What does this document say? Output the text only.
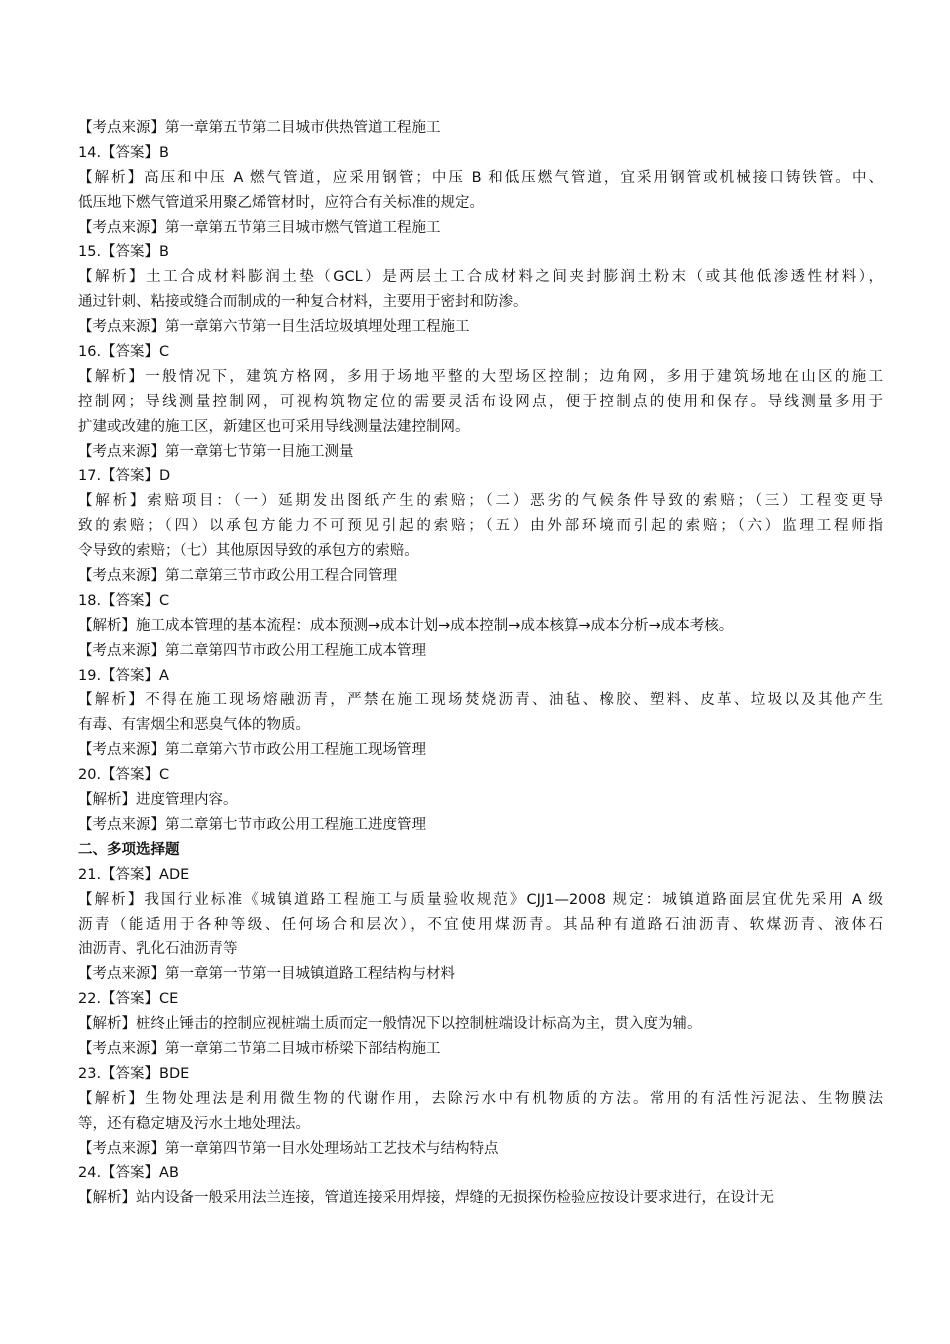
【考点来源】第一章第五节第二目城市供热管道工程施工
14.【答案】B
【解析】高压和中压 A 燃气管道，应采用钢管；中压 B 和低压燃气管道，宜采用钢管或机械接口铸铁管。中、
低压地下燃气管道采用聚乙烯管材时，应符合有关标准的规定。
【考点来源】第一章第五节第三目城市燃气管道工程施工
15.【答案】B
【解析】土工合成材料膨润土垫（GCL）是两层土工合成材料之间夹封膨润土粉末（或其他低渗透性材料），
通过针刺、粘接或缝合而制成的一种复合材料，主要用于密封和防渗。
【考点来源】第一章第六节第一目生活垃圾填埋处理工程施工
16.【答案】C
【解析】一般情况下，建筑方格网，多用于场地平整的大型场区控制；边角网，多用于建筑场地在山区的施工
控制网；导线测量控制网，可视构筑物定位的需要灵活布设网点，便于控制点的使用和保存。导线测量多用于
扩建或改建的施工区，新建区也可采用导线测量法建控制网。
【考点来源】第一章第七节第一目施工测量
17.【答案】D
【解析】索赔项目：（一）延期发出图纸产生的索赔；（二）恶劣的气候条件导致的索赔；（三）工程变更导
致的索赔；（四）以承包方能力不可预见引起的索赔；（五）由外部环境而引起的索赔；（六）监理工程师指
令导致的索赔；（七）其他原因导致的承包方的索赔。
【考点来源】第二章第三节市政公用工程合同管理
18.【答案】C
【解析】施工成本管理的基本流程：成本预测→成本计划→成本控制→成本核算→成本分析→成本考核。
【考点来源】第二章第四节市政公用工程施工成本管理
19.【答案】A
【解析】不得在施工现场熔融沥青，严禁在施工现场焚烧沥青、油毡、橡胶、塑料、皮革、垃圾以及其他产生
有毒、有害烟尘和恶臭气体的物质。
【考点来源】第二章第六节市政公用工程施工现场管理
20.【答案】C
【解析】进度管理内容。
【考点来源】第二章第七节市政公用工程施工进度管理
二、多项选择题
21.【答案】ADE
【解析】我国行业标准《城镇道路工程施工与质量验收规范》CJJ1—2008 规定：城镇道路面层宜优先采用 A 级
沥青（能适用于各种等级、任何场合和层次），不宜使用煤沥青。其品种有道路石油沥青、软煤沥青、液体石
油沥青、乳化石油沥青等
【考点来源】第一章第一节第一目城镇道路工程结构与材料
22.【答案】CE
【解析】桩终止锤击的控制应视桩端土质而定一般情况下以控制桩端设计标高为主，贯入度为辅。
【考点来源】第一章第二节第二目城市桥梁下部结构施工
23.【答案】BDE
【解析】生物处理法是利用微生物的代谢作用，去除污水中有机物质的方法。常用的有活性污泥法、生物膜法
等，还有稳定塘及污水土地处理法。
【考点来源】第一章第四节第一目水处理场站工艺技术与结构特点
24.【答案】AB
【解析】站内设备一般采用法兰连接，管道连接采用焊接，焊缝的无损探伤检验应按设计要求进行，在设计无
